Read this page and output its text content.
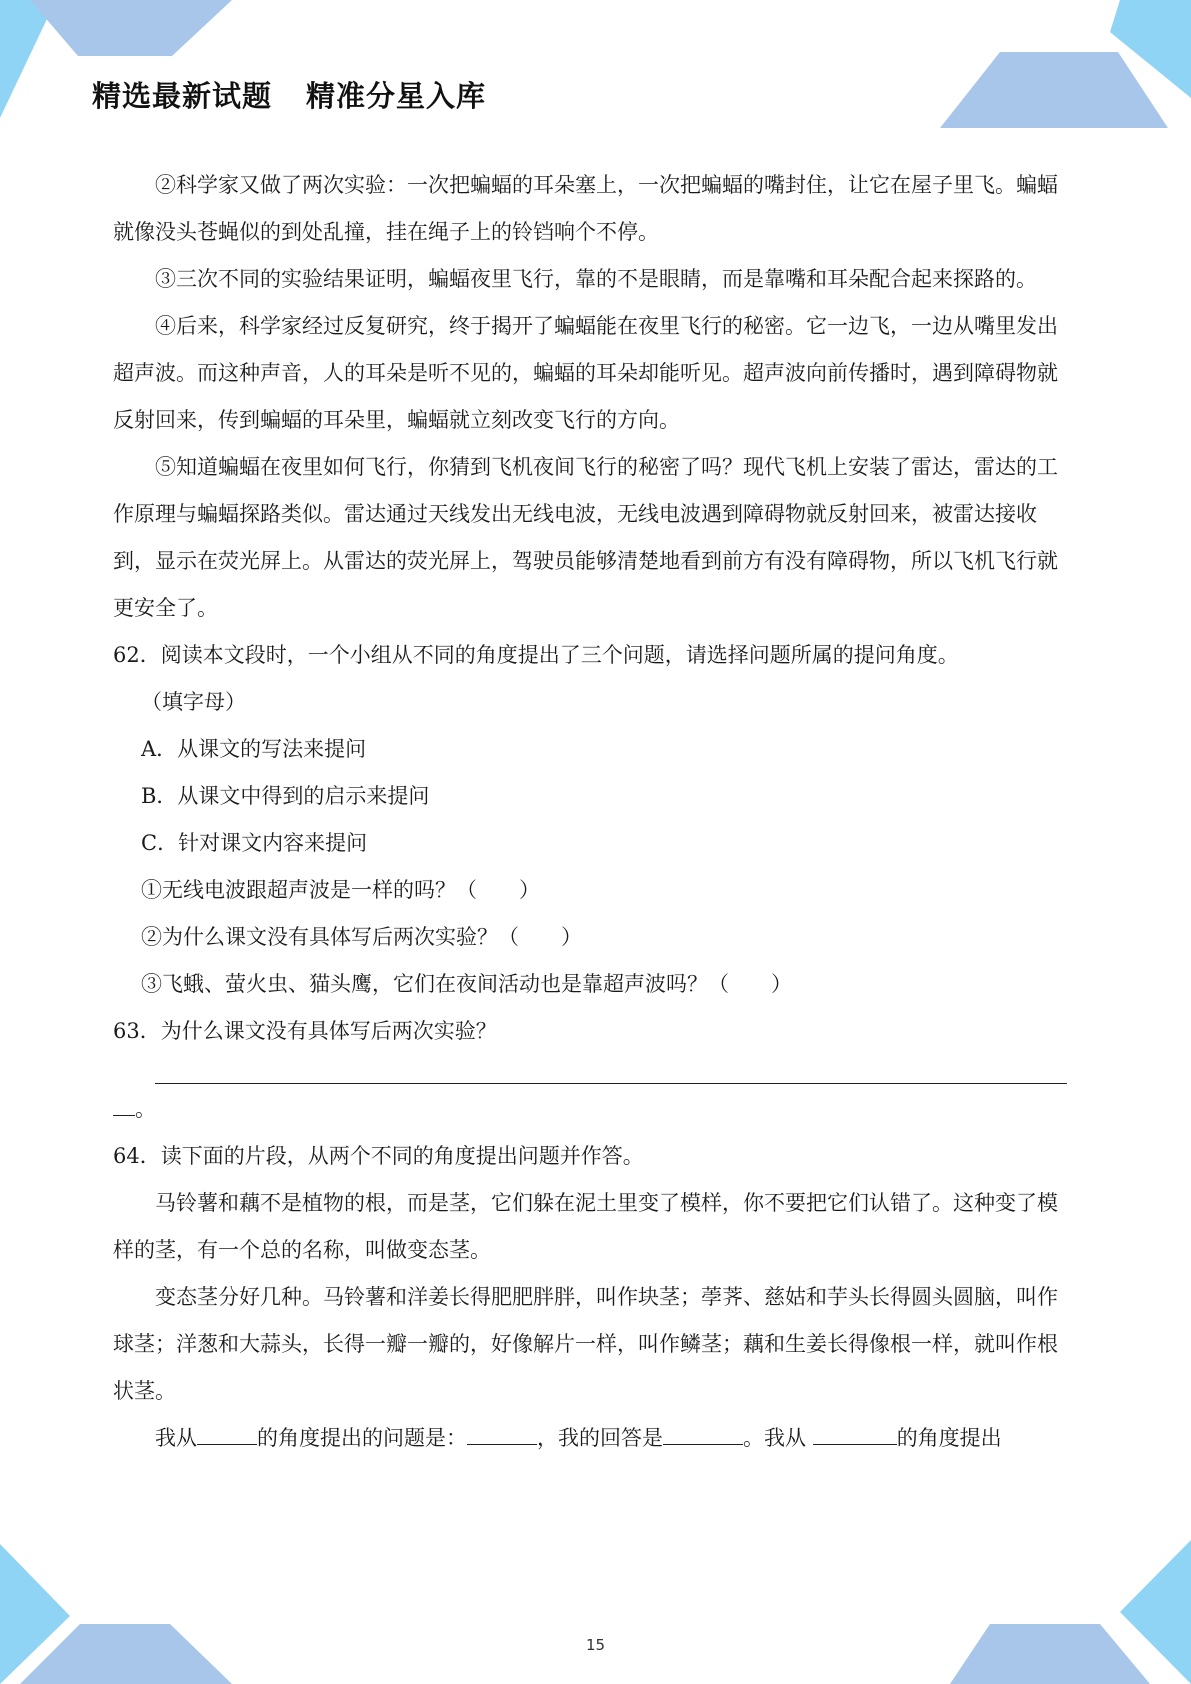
精选最新试题 精准分星入库

②科学家又做了两次实验：一次把蝙蝠的耳朵塞上，一次把蝙蝠的嘴封住，让它在屋子里飞。蝙蝠就像没头苍蝇似的到处乱撞，挂在绳子上的铃铛响个不停。

③三次不同的实验结果证明，蝙蝠夜里飞行，靠的不是眼睛，而是靠嘴和耳朵配合起来探路的。

④后来，科学家经过反复研究，终于揭开了蝙蝠能在夜里飞行的秘密。它一边飞，一边从嘴里发出超声波。而这种声音，人的耳朵是听不见的，蝙蝠的耳朵却能听见。超声波向前传播时，遇到障碍物就反射回来，传到蝙蝠的耳朵里，蝙蝠就立刻改变飞行的方向。

⑤知道蝙蝠在夜里如何飞行，你猜到飞机夜间飞行的秘密了吗？现代飞机上安装了雷达，雷达的工作原理与蝙蝠探路类似。雷达通过天线发出无线电波，无线电波遇到障碍物就反射回来，被雷达接收到，显示在荧光屏上。从雷达的荧光屏上，驾驶员能够清楚地看到前方有没有障碍物，所以飞机飞行就更安全了。

62．阅读本文段时，一个小组从不同的角度提出了三个问题，请选择问题所属的提问角度。

（填字母）

A．从课文的写法来提问

B．从课文中得到的启示来提问

C．针对课文内容来提问

①无线电波跟超声波是一样的吗？（　　）

②为什么课文没有具体写后两次实验？（　　）

③飞蛾、萤火虫、猫头鹰，它们在夜间活动也是靠超声波吗？（　　）

63．为什么课文没有具体写后两次实验？

。

64．读下面的片段，从两个不同的角度提出问题并作答。

马铃薯和藕不是植物的根，而是茎，它们躲在泥土里变了模样，你不要把它们认错了。这种变了模样的茎，有一个总的名称，叫做变态茎。

变态茎分好几种。马铃薯和洋姜长得肥肥胖胖，叫作块茎；荸荠、慈姑和芋头长得圆头圆脑，叫作球茎；洋葱和大蒜头，长得一瓣一瓣的，好像解片一样，叫作鳞茎；藕和生姜长得像根一样，就叫作根状茎。

我从	的角度提出的问题是：	，我的回答是	。我从	的角度提出

15
